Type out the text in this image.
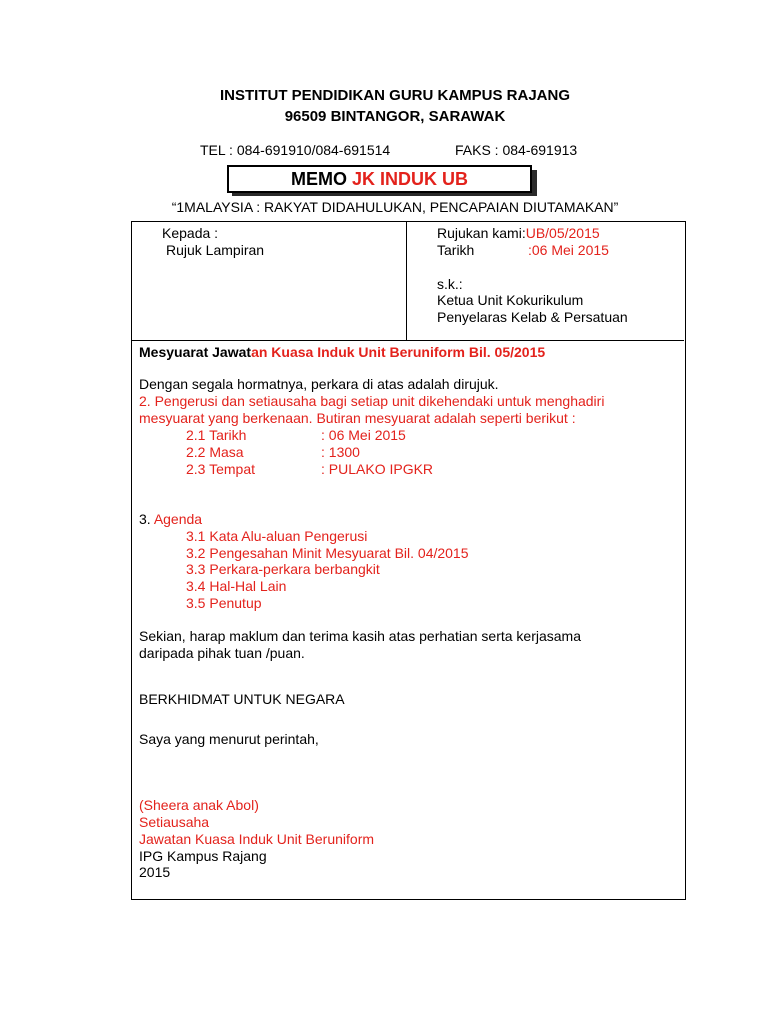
INSTITUT PENDIDIKAN GURU KAMPUS RAJANG
96509 BINTANGOR, SARAWAK
TEL : 084-691910/084-691514	FAKS : 084-691913
MEMO JK INDUK UB
“1MALAYSIA : RAKYAT DIDAHULUKAN, PENCAPAIAN DIUTAMAKAN”
Kepada :
Rujuk Lampiran
Rujukan kami:UB/05/2015
Tarikh	:06 Mei 2015
s.k.:
Ketua Unit Kokurikulum
Penyelaras Kelab & Persatuan
Mesyuarat Jawatan Kuasa Induk Unit Beruniform Bil. 05/2015
Dengan segala hormatnya, perkara di atas adalah dirujuk.
2. Pengerusi dan setiausaha bagi setiap unit dikehendaki untuk menghadiri
mesyuarat yang berkenaan. Butiran mesyuarat adalah seperti berikut :
2.1 Tarikh	: 06 Mei 2015
2.2 Masa	: 1300
2.3 Tempat	: PULAKO IPGKR
3. Agenda
3.1 Kata Alu-aluan Pengerusi
3.2 Pengesahan Minit Mesyuarat Bil. 04/2015
3.3 Perkara-perkara berbangkit
3.4 Hal-Hal Lain
3.5 Penutup
Sekian, harap maklum dan terima kasih atas perhatian serta kerjasama
daripada pihak tuan /puan.
BERKHIDMAT UNTUK NEGARA
Saya yang menurut perintah,
(Sheera anak Abol)
Setiausaha
Jawatan Kuasa Induk Unit Beruniform
IPG Kampus Rajang
2015
